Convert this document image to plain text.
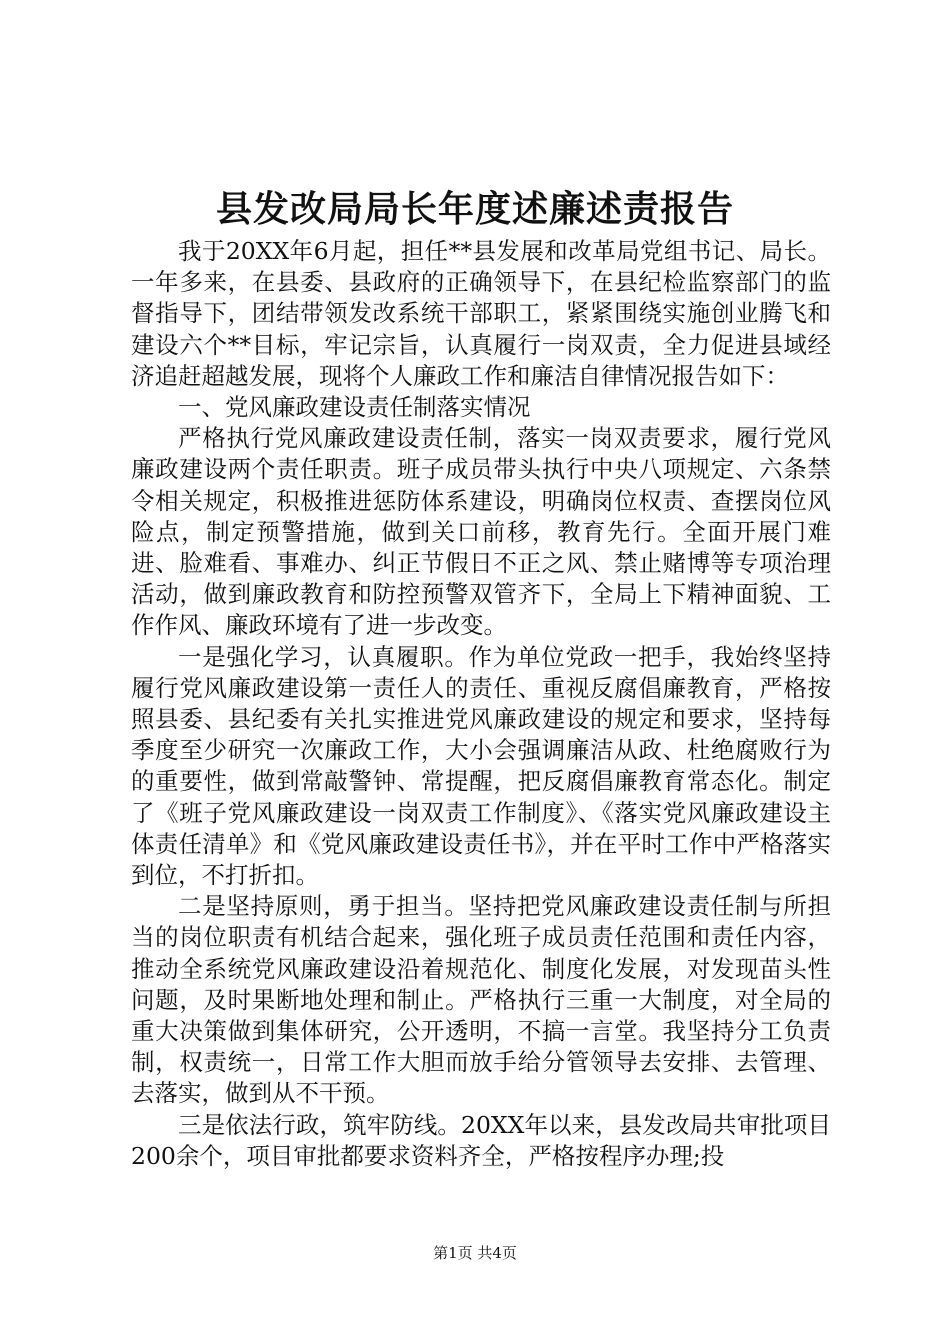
县发改局局长年度述廉述责报告

我于20XX年6月起，担任**县发展和改革局党组书记、局长。一年多来，在县委、县政府的正确领导下，在县纪检监察部门的监督指导下，团结带领发改系统干部职工，紧紧围绕实施创业腾飞和建设六个**目标，牢记宗旨，认真履行一岗双责，全力促进县域经济追赶超越发展，现将个人廉政工作和廉洁自律情况报告如下：

一、党风廉政建设责任制落实情况

严格执行党风廉政建设责任制，落实一岗双责要求，履行党风廉政建设两个责任职责。班子成员带头执行中央八项规定、六条禁令相关规定，积极推进惩防体系建设，明确岗位权责、查摆岗位风险点，制定预警措施，做到关口前移，教育先行。全面开展门难进、脸难看、事难办、纠正节假日不正之风、禁止赌博等专项治理活动，做到廉政教育和防控预警双管齐下，全局上下精神面貌、工作作风、廉政环境有了进一步改变。

一是强化学习，认真履职。作为单位党政一把手，我始终坚持履行党风廉政建设第一责任人的责任、重视反腐倡廉教育，严格按照县委、县纪委有关扎实推进党风廉政建设的规定和要求，坚持每季度至少研究一次廉政工作，大小会强调廉洁从政、杜绝腐败行为的重要性，做到常敲警钟、常提醒，把反腐倡廉教育常态化。制定了《班子党风廉政建设一岗双责工作制度》、《落实党风廉政建设主体责任清单》和《党风廉政建设责任书》，并在平时工作中严格落实到位，不打折扣。

二是坚持原则，勇于担当。坚持把党风廉政建设责任制与所担当的岗位职责有机结合起来，强化班子成员责任范围和责任内容，推动全系统党风廉政建设沿着规范化、制度化发展，对发现苗头性问题，及时果断地处理和制止。严格执行三重一大制度，对全局的重大决策做到集体研究，公开透明，不搞一言堂。我坚持分工负责制，权责统一，日常工作大胆而放手给分管领导去安排、去管理、去落实，做到从不干预。

三是依法行政，筑牢防线。20XX年以来，县发改局共审批项目200余个，项目审批都要求资料齐全，严格按程序办理;投

第1页 共4页
